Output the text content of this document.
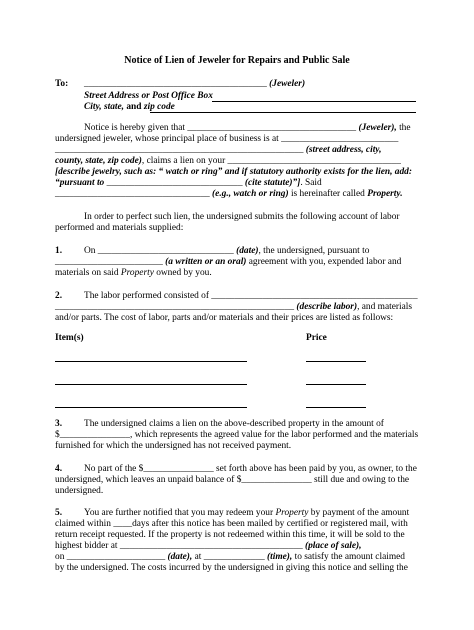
Notice of Lien of Jeweler for Repairs and Public Sale
To: _______________________________________ (Jeweler)
Street Address or Post Office Box
City, state, and zip code
Notice is hereby given that ____________________________________ (Jeweler), the
undersigned jeweler, whose principal place of business is at _________________________
_____________________________________________________ (street address, city,
county, state, zip code), claims a lien on your _____________________________________
[describe jewelry, such as: “ watch or ring” and if statutory authority exists for the lien, add:
“pursuant to _____________________________ (cite statute)”]. Said
_________________________________ (e.g., watch or ring) is hereinafter called Property.
In order to perfect such lien, the undersigned submits the following account of labor
performed and materials supplied:
1. On _____________________________ (date), the undersigned, pursuant to
_______________________ (a written or an oral) agreement with you, expended labor and
materials on said Property owned by you.
2. The labor performed consisted of ____________________________________________
___________________________________________________ (describe labor), and materials
and/or parts. The cost of labor, parts and/or materials and their prices are listed as follows:
Item(s)	Price
3. The undersigned claims a lien on the above-described property in the amount of
$_______________, which represents the agreed value for the labor performed and the materials
furnished for which the undersigned has not received payment.
4. No part of the $_______________ set forth above has been paid by you, as owner, to the
undersigned, which leaves an unpaid balance of $_______________ still due and owing to the
undersigned.
5. You are further notified that you may redeem your Property by payment of the amount
claimed within ____days after this notice has been mailed by certified or registered mail, with
return receipt requested. If the property is not redeemed within this time, it will be sold to the
highest bidder at _______________________________________ (place of sale),
on _____________________ (date), at _____________ (time), to satisfy the amount claimed
by the undersigned. The costs incurred by the undersigned in giving this notice and selling the
